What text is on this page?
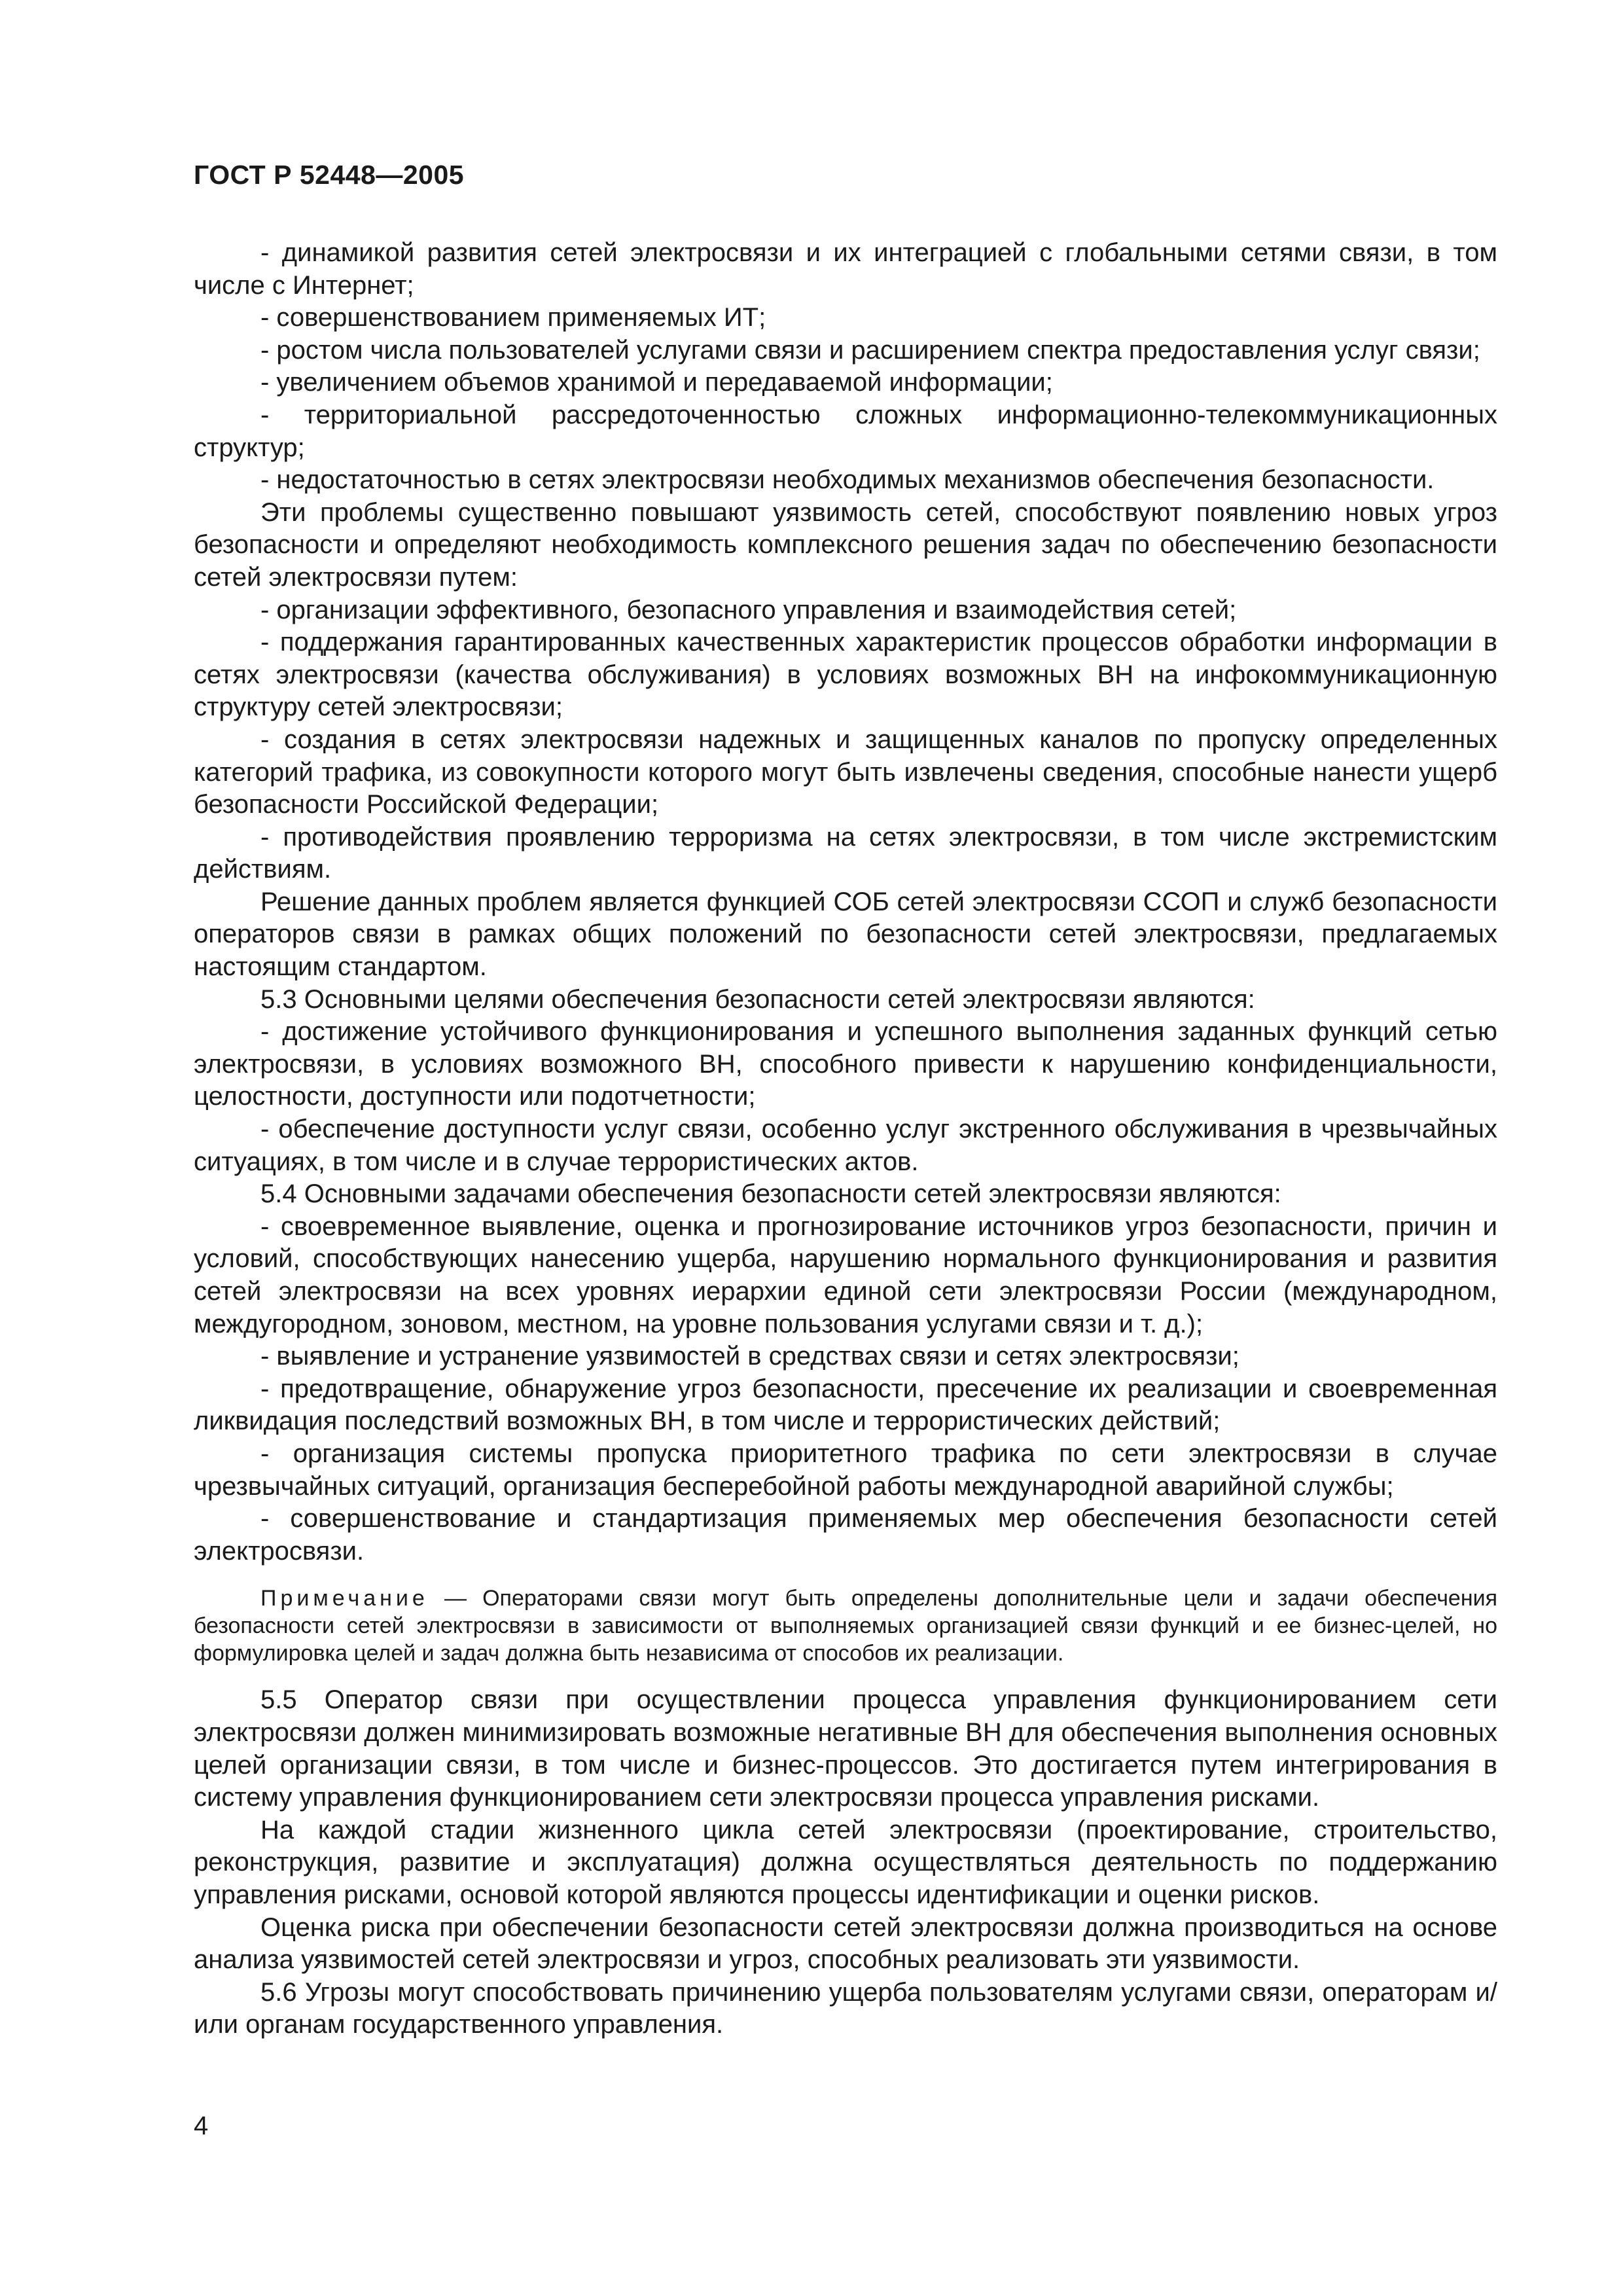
ГОСТ Р 52448—2005

- динамикой развития сетей электросвязи и их интеграцией с глобальными сетями связи, в том числе с Интернет;

- совершенствованием применяемых ИТ;

- ростом числа пользователей услугами связи и расширением спектра предоставления услуг связи;

- увеличением объемов хранимой и передаваемой информации;

- территориальной рассредоточенностью сложных информационно-телекоммуникационных структур;

- недостаточностью в сетях электросвязи необходимых механизмов обеспечения безопасности.

Эти проблемы существенно повышают уязвимость сетей, способствуют появлению новых угроз безопасности и определяют необходимость комплексного решения задач по обеспечению безопасности сетей электросвязи путем:

- организации эффективного, безопасного управления и взаимодействия сетей;

- поддержания гарантированных качественных характеристик процессов обработки информации в сетях электросвязи (качества обслуживания) в условиях возможных ВН на инфокоммуникационную структуру сетей электросвязи;

- создания в сетях электросвязи надежных и защищенных каналов по пропуску определенных категорий трафика, из совокупности которого могут быть извлечены сведения, способные нанести ущерб безопасности Российской Федерации;

- противодействия проявлению терроризма на сетях электросвязи, в том числе экстремистским действиям.

Решение данных проблем является функцией СОБ сетей электросвязи ССОП и служб безопасности операторов связи в рамках общих положений по безопасности сетей электросвязи, предлагаемых настоящим стандартом.

5.3 Основными целями обеспечения безопасности сетей электросвязи являются:

- достижение устойчивого функционирования и успешного выполнения заданных функций сетью электросвязи, в условиях возможного ВН, способного привести к нарушению конфиденциальности, целостности, доступности или подотчетности;

- обеспечение доступности услуг связи, особенно услуг экстренного обслуживания в чрезвычайных ситуациях, в том числе и в случае террористических актов.

5.4 Основными задачами обеспечения безопасности сетей электросвязи являются:

- своевременное выявление, оценка и прогнозирование источников угроз безопасности, причин и условий, способствующих нанесению ущерба, нарушению нормального функционирования и развития сетей электросвязи на всех уровнях иерархии единой сети электросвязи России (международном, междугородном, зоновом, местном, на уровне пользования услугами связи и т. д.);

- выявление и устранение уязвимостей в средствах связи и сетях электросвязи;

- предотвращение, обнаружение угроз безопасности, пресечение их реализации и своевременная ликвидация последствий возможных ВН, в том числе и террористических действий;

- организация системы пропуска приоритетного трафика по сети электросвязи в случае чрезвычайных ситуаций, организация бесперебойной работы международной аварийной службы;

- совершенствование и стандартизация применяемых мер обеспечения безопасности сетей электросвязи.

Примечание — Операторами связи могут быть определены дополнительные цели и задачи обеспечения безопасности сетей электросвязи в зависимости от выполняемых организацией связи функций и ее бизнес-целей, но формулировка целей и задач должна быть независима от способов их реализации.

5.5 Оператор связи при осуществлении процесса управления функционированием сети электросвязи должен минимизировать возможные негативные ВН для обеспечения выполнения основных целей организации связи, в том числе и бизнес-процессов. Это достигается путем интегрирования в систему управления функционированием сети электросвязи процесса управления рисками.

На каждой стадии жизненного цикла сетей электросвязи (проектирование, строительство, реконструкция, развитие и эксплуатация) должна осуществляться деятельность по поддержанию управления рисками, основой которой являются процессы идентификации и оценки рисков.

Оценка риска при обеспечении безопасности сетей электросвязи должна производиться на основе анализа уязвимостей сетей электросвязи и угроз, способных реализовать эти уязвимости.

5.6 Угрозы могут способствовать причинению ущерба пользователям услугами связи, операторам и/или органам государственного управления.

4
